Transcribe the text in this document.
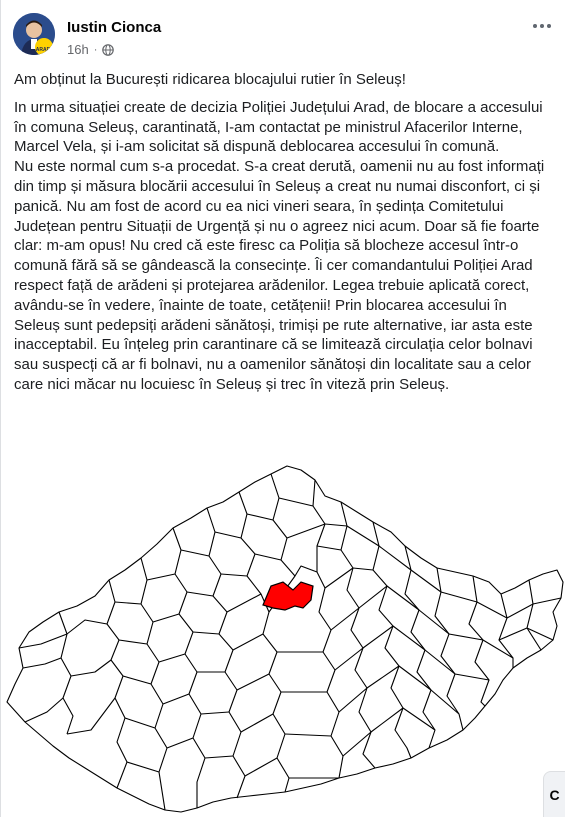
ARAD
Iustin Cionca
16h ·

Am obținut la București ridicarea blocajului rutier în Seleuș!

In urma situației create de decizia Poliției Județului Arad, de blocare a accesului în comuna Seleuș, carantinată, I-am contactat pe ministrul Afacerilor Interne, Marcel Vela, și i-am solicitat să dispună deblocarea accesului în comună.

Nu este normal cum s-a procedat. S-a creat derută, oamenii nu au fost informați din timp și măsura blocării accesului în Seleuș a creat nu numai disconfort, ci și panică. Nu am fost de acord cu ea nici vineri seara, în ședința Comitetului Județean pentru Situații de Urgență și nu o agreez nici acum. Doar să fie foarte clar: m-am opus! Nu cred că este firesc ca Poliția să blocheze accesul într-o comună fără să se gândească la consecințe. Îi cer comandantului Poliției Arad respect față de arădeni și protejarea arădenilor. Legea trebuie aplicată corect, avându-se în vedere, înainte de toate, cetățenii! Prin blocarea accesului în Seleuș sunt pedepsiți arădeni sănătoși, trimiși pe rute alternative, iar asta este inacceptabil. Eu înțeleg prin carantinare că se limitează circulația celor bolnavi sau suspecți că ar fi bolnavi, nu a oamenilor sănătoși din localitate sau a celor care nici măcar nu locuiesc în Seleuș și trec în viteză prin Seleuș.

C
